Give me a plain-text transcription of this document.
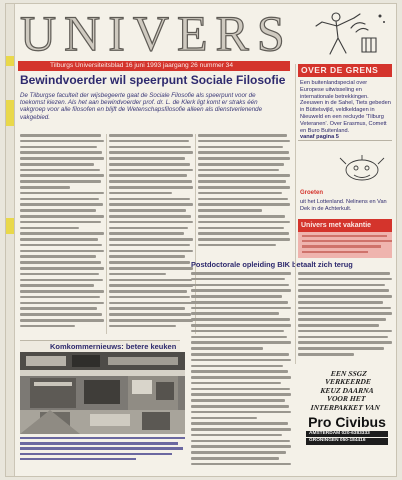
UNIVERS
Tilburgs Universiteitsblad 16 juni 1993 jaargang 26 nummer 34
Bewindvoerder wil speerpunt Sociale Filosofie
De Tilburgse faculteit der wijsbegeerte gaat de Sociale Filosofie als speerpunt voor de toekomst kiezen. Als het aan bewindvoerder prof. dr. L. de Klerk ligt komt er straks één vakgroep voor alle filosofen en blijft de Wetenschapsfilosofie alleen als dienstverlenende vakgebied.
OVER DE GRENS
Een buitenlandspecial over Europese uitwisseling en internationale betrekkingen. Zeeuwen in de Sahel, Tiets gebeden in Büttelsvijld, veldkeldagen in Nieuweld en een recluyde 'Tilburg Veteranen'. Over Erasmus, Comett en Buro Buitenland.
vanaf pagina 5
Groeten
uit het Lottenland. Nelinens en Van Dek in de Achterkult.
Univers met vakantie
Postdoctorale opleiding BIK betaalt zich terug
Komkommernieuws: betere keuken
EEN SSGZ
VERKEERDE
KEUZ DAARNA
VOOR HET
INTERPAKKET VAN
Pro Civibus
AMSTERDAM 020-6383333
GRONINGEN 050-184416
